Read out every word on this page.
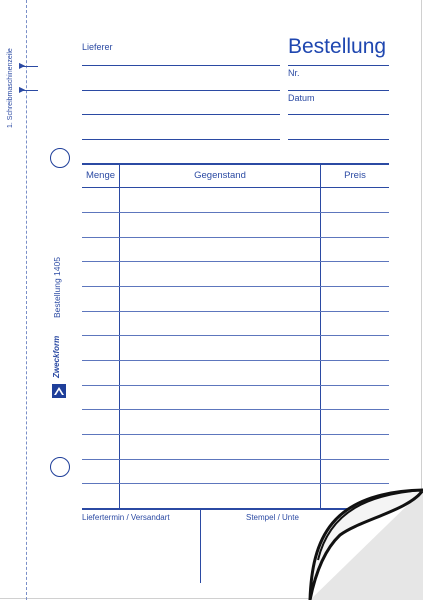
▶
▶
1. Schreibmaschinenzeile
Bestellung 1405
Zweckform
Lieferer	Bestellung
Nr.
Datum
Menge	Gegenstand	Preis
Liefertermin / Versandart	Stempel / Unte
